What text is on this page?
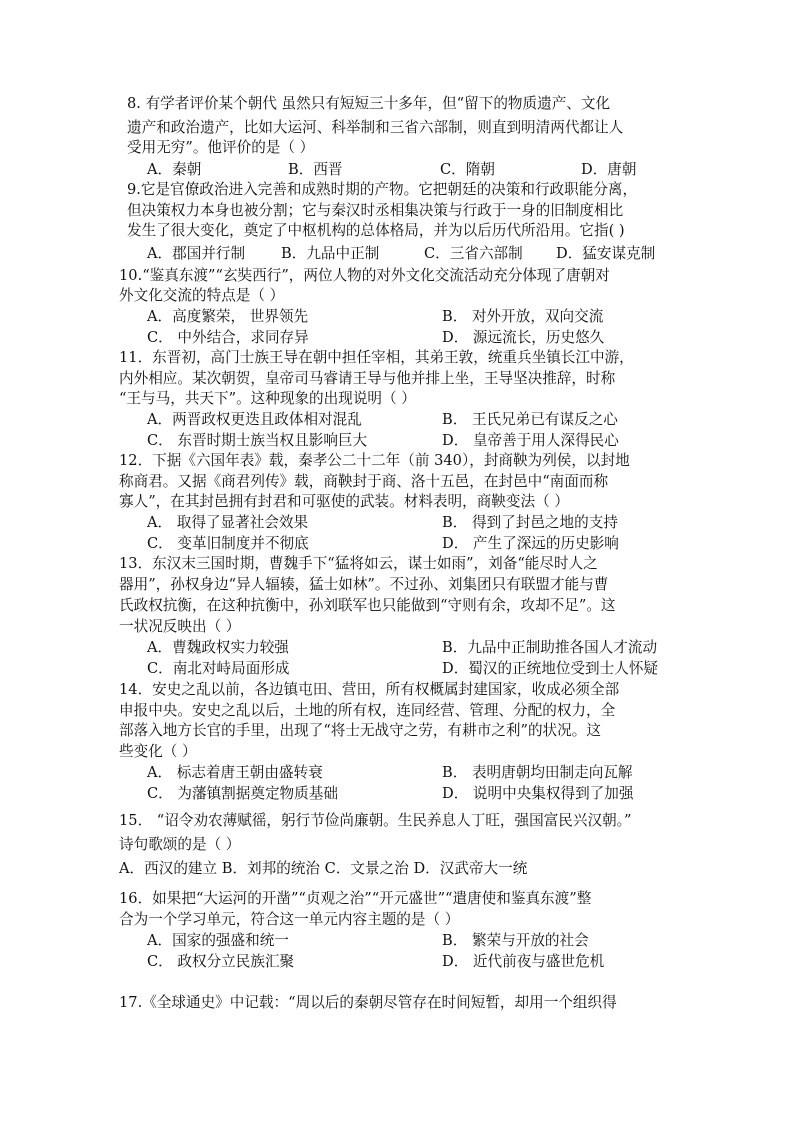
8. 有学者评价某个朝代 虽然只有短短三十多年，但“留下的物质遗产、文化
遗产和政治遗产，比如大运河、科举制和三省六部制，则直到明清两代都让人
受用无穷”。他评价的是（ ）
A．秦朝	B．西晋	C．隋朝	D．唐朝
9.它是官僚政治进入完善和成熟时期的产物。它把朝廷的决策和行政职能分离，
但决策权力本身也被分割；它与秦汉时丞相集决策与行政于一身的旧制度相比
发生了很大变化，奠定了中枢机构的总体格局，并为以后历代所沿用。它指( )
A．郡国并行制 B．九品中正制	C．三省六部制 D．猛安谋克制
10.“鉴真东渡”“玄奘西行”，两位人物的对外文化交流活动充分体现了唐朝对
外文化交流的特点是（ ）
A．高度繁荣， 世界领先	B． 对外开放，双向交流
C． 中外结合，求同存异	D． 源远流长，历史悠久
11．东晋初，高门士族王导在朝中担任宰相，其弟王敦，统重兵坐镇长江中游，
内外相应。某次朝贺，皇帝司马睿请王导与他并排上坐，王导坚决推辞，时称
“王与马，共天下”。这种现象的出现说明（ ）
A．两晋政权更迭且政体相对混乱	B． 王氏兄弟已有谋反之心
C． 东晋时期士族当权且影响巨大	D． 皇帝善于用人深得民心
12．下据《六国年表》载，秦孝公二十二年（前 340），封商鞅为列侯，以封地
称商君。又据《商君列传》载，商鞅封于商、洛十五邑，在封邑中“南面而称
寡人”，在其封邑拥有封君和可驱使的武装。材料表明，商鞅变法（ ）
A． 取得了显著社会效果	B． 得到了封邑之地的支持
C． 变革旧制度并不彻底	D． 产生了深远的历史影响
13．东汉末三国时期，曹魏手下“猛将如云，谋士如雨”，刘备“能尽时人之
器用”，孙权身边“异人辐辏，猛士如林”。不过孙、刘集团只有联盟才能与曹
氏政权抗衡，在这种抗衡中，孙刘联军也只能做到“守则有余，攻却不足”。这
一状况反映出（ ）
A．曹魏政权实力较强	B．九品中正制助推各国人才流动
C．南北对峙局面形成	D．蜀汉的正统地位受到士人怀疑
14．安史之乱以前，各边镇屯田、营田，所有权概属封建国家，收成必须全部
申报中央。安史之乱以后，土地的所有权，连同经营、管理、分配的权力，全
部落入地方长官的手里，出现了“将士无战守之劳，有耕市之利”的状况。这
些变化（ ）
A． 标志着唐王朝由盛转衰	B． 表明唐朝均田制走向瓦解
C． 为藩镇割据奠定物质基础	D． 说明中央集权得到了加强
15． “诏令劝农薄赋徭，躬行节俭尚廉朝。生民养息人丁旺，强国富民兴汉朝。”
诗句歌颂的是（ ）
A．西汉的建立 B．刘邦的统治 C．文景之治 D．汉武帝大一统
16．如果把“大运河的开凿”“贞观之治”“开元盛世”“遣唐使和鉴真东渡”整
合为一个学习单元，符合这一单元内容主题的是（ ）
A．国家的强盛和统一	B． 繁荣与开放的社会
C． 政权分立民族汇聚	D． 近代前夜与盛世危机
17.《全球通史》中记载：“周以后的秦朝尽管存在时间短暂，却用一个组织得
